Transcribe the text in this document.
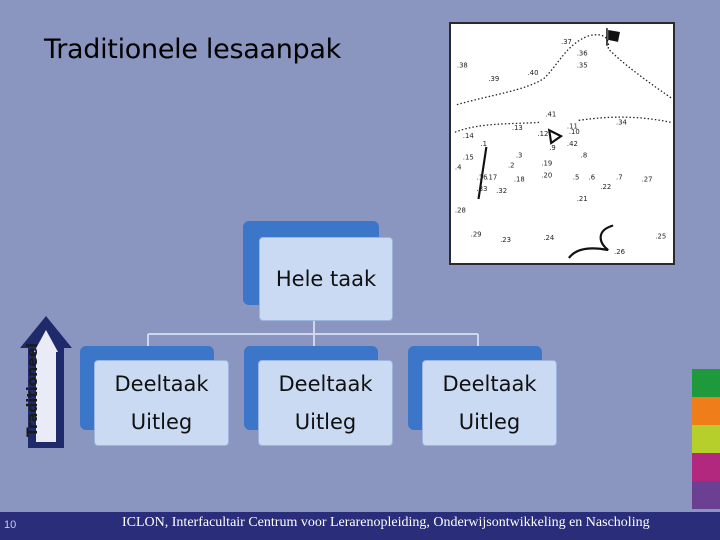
Traditionele lesaanpak	.37
.36
.38	.35
.40
.39
.41
.11	.34
.13
.12	.10
.42
.14
.1	.9
.8
.15
.2
.3
.19
.4
.16
.17 .18 .20	.5 .6	.7	.27
.33 .32	.22
.21
.28
.29
.23	.24	.25
.26
Hele taak
Deeltaak
Uitleg
Deeltaak
Uitleg
Deeltaak
Uitleg
Traditioneel
10	ICLON, Interfacultair Centrum voor Lerarenopleiding, Onderwijsontwikkeling en Nascholing
